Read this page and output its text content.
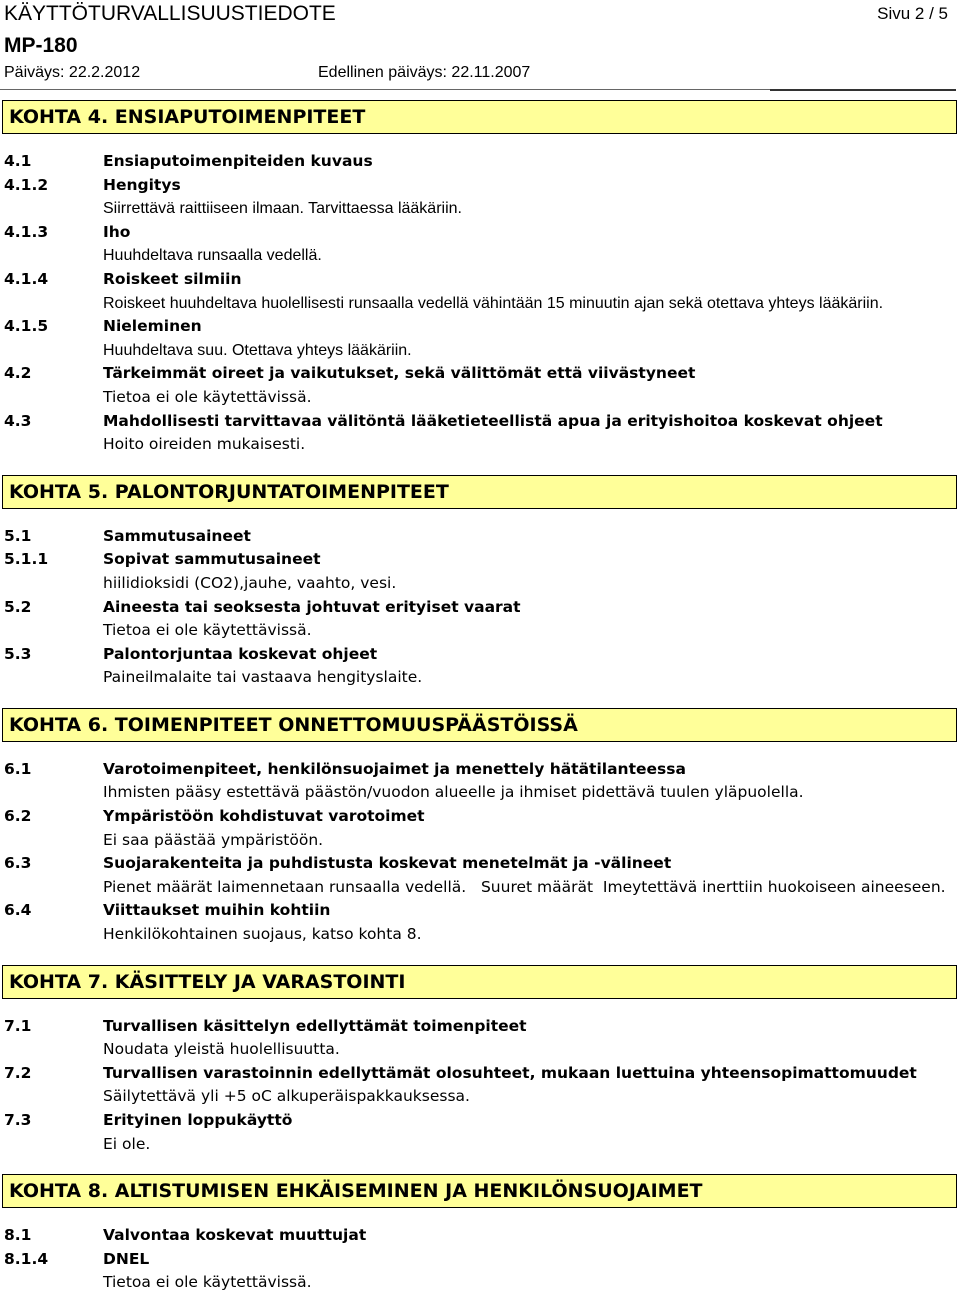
KÄYTTÖTURVALLISUUSTIEDOTE
MP-180
Päiväys: 22.2.2012	Edellinen päiväys: 22.11.2007
Sivu 2 / 5
KOHTA 4. ENSIAPUTOIMENPITEET
4.1	Ensiaputoimenpiteiden kuvaus
4.1.2	Hengitys
Siirrettävä raittiiseen ilmaan. Tarvittaessa lääkäriin.
4.1.3	Iho
Huuhdeltava runsaalla vedellä.
4.1.4	Roiskeet silmiin
Roiskeet huuhdeltava huolellisesti runsaalla vedellä vähintään 15 minuutin ajan sekä otettava yhteys lääkäriin.
4.1.5	Nieleminen
Huuhdeltava suu. Otettava yhteys lääkäriin.
4.2	Tärkeimmät oireet ja vaikutukset, sekä välittömät että viivästyneet
Tietoa ei ole käytettävissä.
4.3	Mahdollisesti tarvittavaa välitöntä lääketieteellistä apua ja erityishoitoa koskevat ohjeet
Hoito oireiden mukaisesti.
KOHTA 5. PALONTORJUNTATOIMENPITEET
5.1	Sammutusaineet
5.1.1	Sopivat sammutusaineet
hiilidioksidi (CO2),jauhe, vaahto, vesi.
5.2	Aineesta tai seoksesta johtuvat erityiset vaarat
Tietoa ei ole käytettävissä.
5.3	Palontorjuntaa koskevat ohjeet
Paineilmalaite tai vastaava hengityslaite.
KOHTA 6. TOIMENPITEET ONNETTOMUUSPÄÄSTÖISSÄ
6.1	Varotoimenpiteet, henkilönsuojaimet ja menettely hätätilanteessa
Ihmisten pääsy estettävä päästön/vuodon alueelle ja ihmiset pidettävä tuulen yläpuolella.
6.2	Ympäristöön kohdistuvat varotoimet
Ei saa päästää ympäristöön.
6.3	Suojarakenteita ja puhdistusta koskevat menetelmät ja -välineet
Pienet määrät laimennetaan runsaalla vedellä.   Suuret määrät  Imeytettävä inerttiin huokoiseen aineeseen.
6.4	Viittaukset muihin kohtiin
Henkilökohtainen suojaus, katso kohta 8.
KOHTA 7. KÄSITTELY JA VARASTOINTI
7.1	Turvallisen käsittelyn edellyttämät toimenpiteet
Noudata yleistä huolellisuutta.
7.2	Turvallisen varastoinnin edellyttämät olosuhteet, mukaan luettuina yhteensopimattomuudet
Säilytettävä yli +5 oC alkuperäispakkauksessa.
7.3	Erityinen loppukäyttö
Ei ole.
KOHTA 8. ALTISTUMISEN EHKÄISEMINEN JA HENKILÖNSUOJAIMET
8.1	Valvontaa koskevat muuttujat
8.1.4	DNEL
Tietoa ei ole käytettävissä.
